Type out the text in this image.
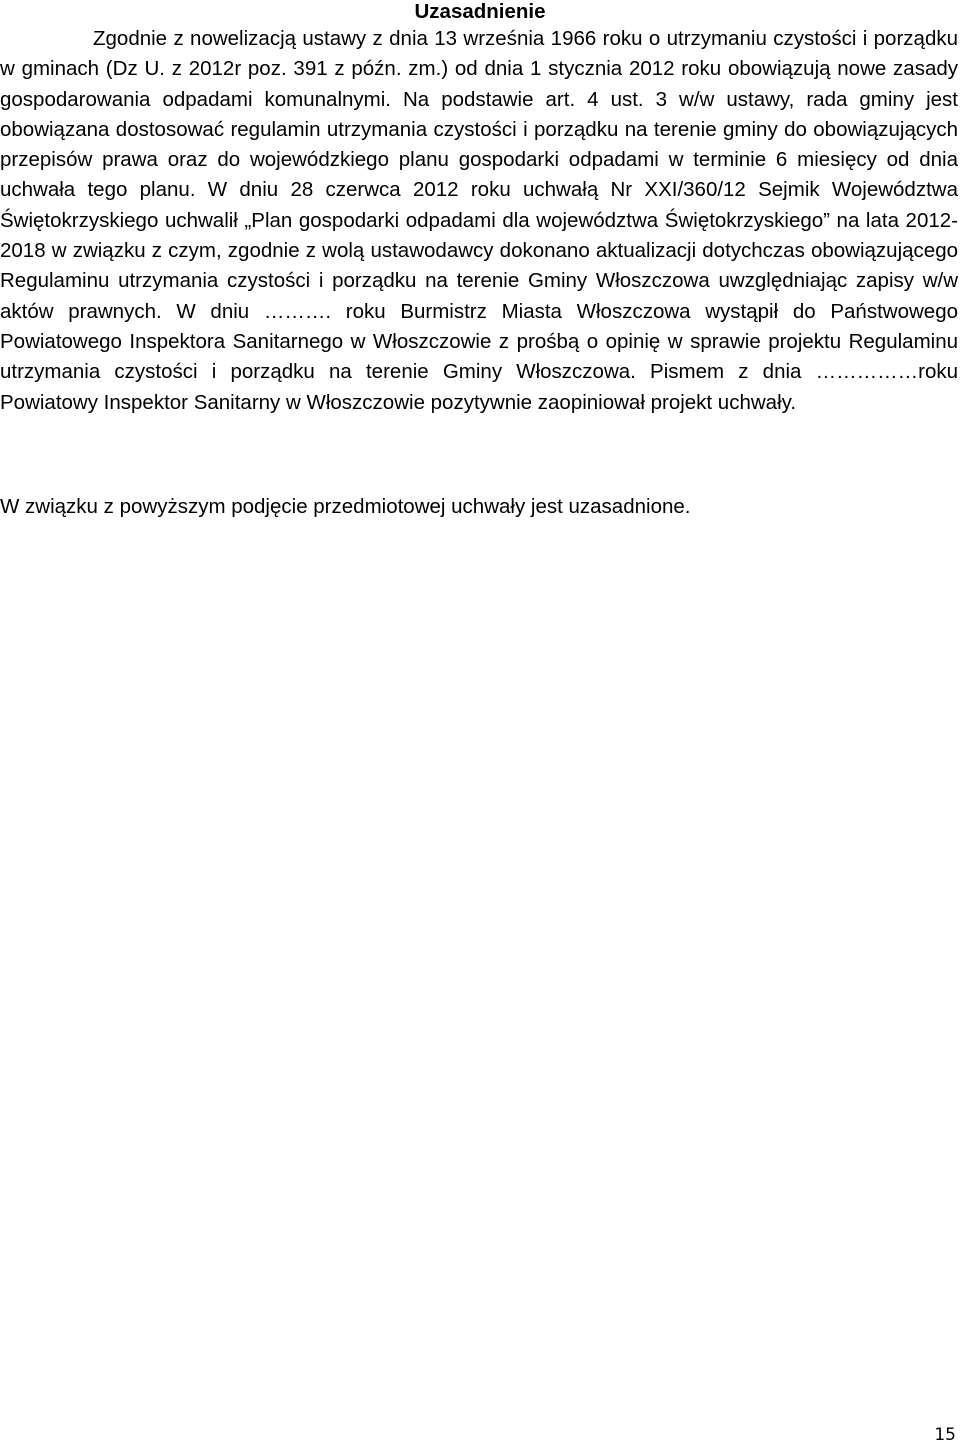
Uzasadnienie

Zgodnie z nowelizacją ustawy z dnia 13 września 1966 roku o utrzymaniu czystości i porządku w gminach (Dz U. z 2012r poz. 391 z późn. zm.) od dnia 1 stycznia 2012 roku obowiązują nowe zasady gospodarowania odpadami komunalnymi. Na podstawie art. 4 ust. 3 w/w ustawy, rada gminy jest obowiązana dostosować regulamin utrzymania czystości i porządku na terenie gminy do obowiązujących przepisów prawa oraz do wojewódzkiego planu gospodarki odpadami w terminie 6 miesięcy od dnia uchwała tego planu. W dniu 28 czerwca 2012 roku uchwałą Nr XXI/360/12 Sejmik Województwa Świętokrzyskiego uchwalił „Plan gospodarki odpadami dla województwa Świętokrzyskiego” na lata 2012-2018 w związku z czym, zgodnie z wolą ustawodawcy dokonano aktualizacji dotychczas obowiązującego Regulaminu utrzymania czystości i porządku na terenie Gminy Włoszczowa uwzględniając zapisy w/w aktów prawnych. W dniu ………. roku Burmistrz Miasta Włoszczowa wystąpił do Państwowego Powiatowego Inspektora Sanitarnego w Włoszczowie z prośbą o opinię w sprawie projektu Regulaminu utrzymania czystości i porządku na terenie Gminy Włoszczowa. Pismem z dnia ……………roku Powiatowy Inspektor Sanitarny w Włoszczowie pozytywnie zaopiniował projekt uchwały.

W związku z powyższym podjęcie przedmiotowej uchwały jest uzasadnione.

15
